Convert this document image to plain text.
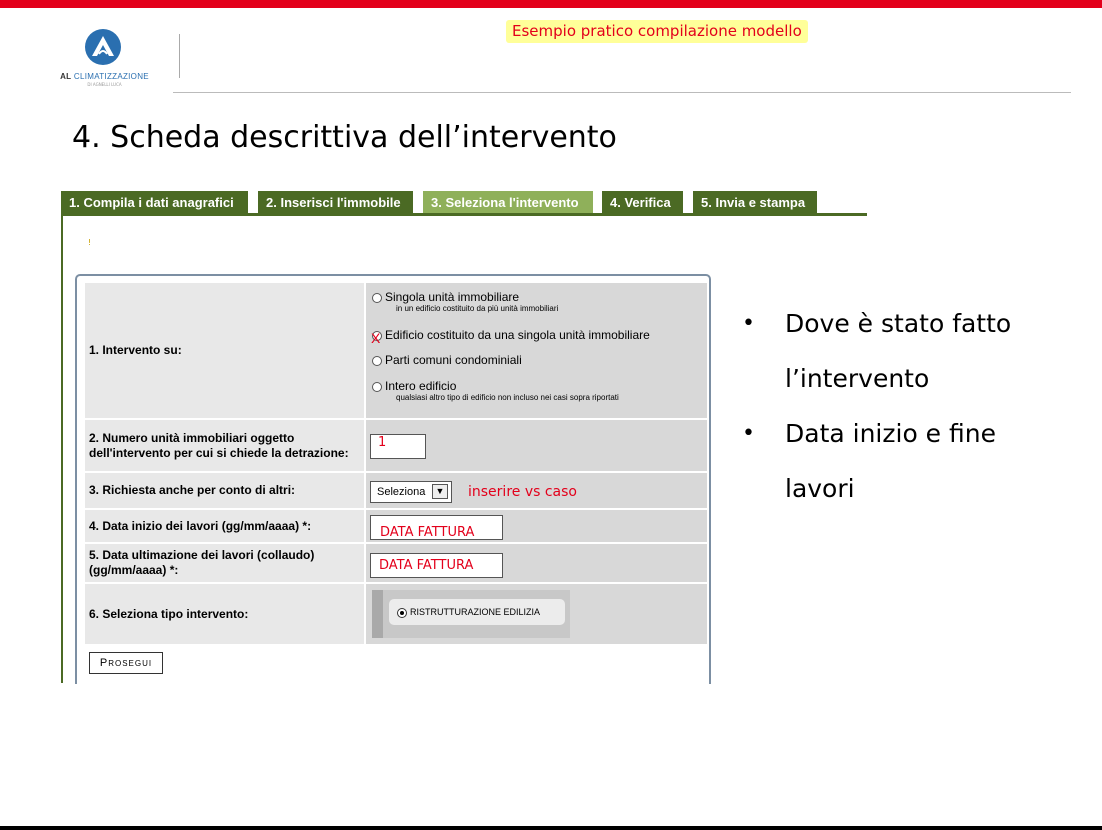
AL CLIMATIZZAZIONE
DI AGNELLI LUCA
Esempio pratico compilazione modello
4. Scheda descrittiva dell’intervento
1. Compila i dati anagrafici	2. Inserisci l'immobile	3. Seleziona l'intervento	4. Verifica	5. Invia e stampa
!
1. Intervento su:
Singola unità immobiliare
in un edificio costituito da più unità immobiliari
X Edificio costituito da una singola unità immobiliare
Parti comuni condominiali
Intero edificio
qualsiasi altro tipo di edificio non incluso nei casi sopra riportati
2. Numero unità immobiliari oggetto dell'intervento per cui si chiede la detrazione:
1
3. Richiesta anche per conto di altri:	Seleziona	▼ inserire vs caso
4. Data inizio dei lavori (gg/mm/aaaa) *:	DATA FATTURA
5. Data ultimazione dei lavori (collaudo) (gg/mm/aaaa) *:	DATA FATTURA
6. Seleziona tipo intervento:	RISTRUTTURAZIONE EDILIZIA
Prosegui
• Dove è stato fatto l’intervento
• Data inizio e fine lavori
